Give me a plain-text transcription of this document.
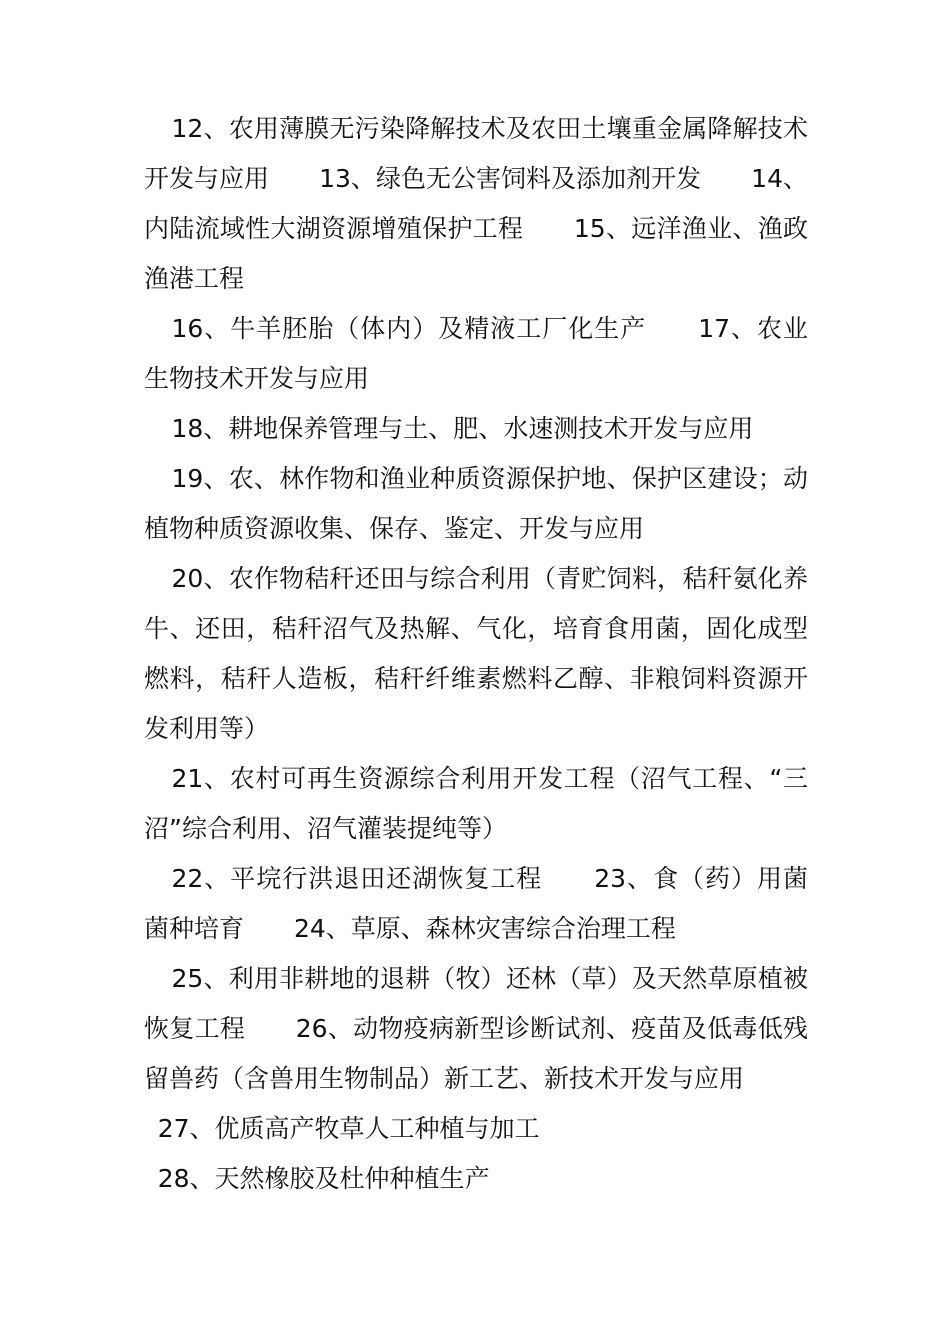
12、农用薄膜无污染降解技术及农田土壤重金属降解技术开发与应用　　13、绿色无公害饲料及添加剂开发　　14、内陆流域性大湖资源增殖保护工程　　15、远洋渔业、渔政渔港工程

16、牛羊胚胎（体内）及精液工厂化生产　　17、农业生物技术开发与应用

18、耕地保养管理与土、肥、水速测技术开发与应用

19、农、林作物和渔业种质资源保护地、保护区建设；动植物种质资源收集、保存、鉴定、开发与应用

20、农作物秸秆还田与综合利用（青贮饲料，秸秆氨化养牛、还田，秸秆沼气及热解、气化，培育食用菌，固化成型燃料，秸秆人造板，秸秆纤维素燃料乙醇、非粮饲料资源开发利用等）

21、农村可再生资源综合利用开发工程（沼气工程、“三沼”综合利用、沼气灌装提纯等）

22、平垸行洪退田还湖恢复工程　　23、食（药）用菌菌种培育　　24、草原、森林灾害综合治理工程

25、利用非耕地的退耕（牧）还林（草）及天然草原植被恢复工程　　26、动物疫病新型诊断试剂、疫苗及低毒低残留兽药（含兽用生物制品）新工艺、新技术开发与应用

27、优质高产牧草人工种植与加工

28、天然橡胶及杜仲种植生产
